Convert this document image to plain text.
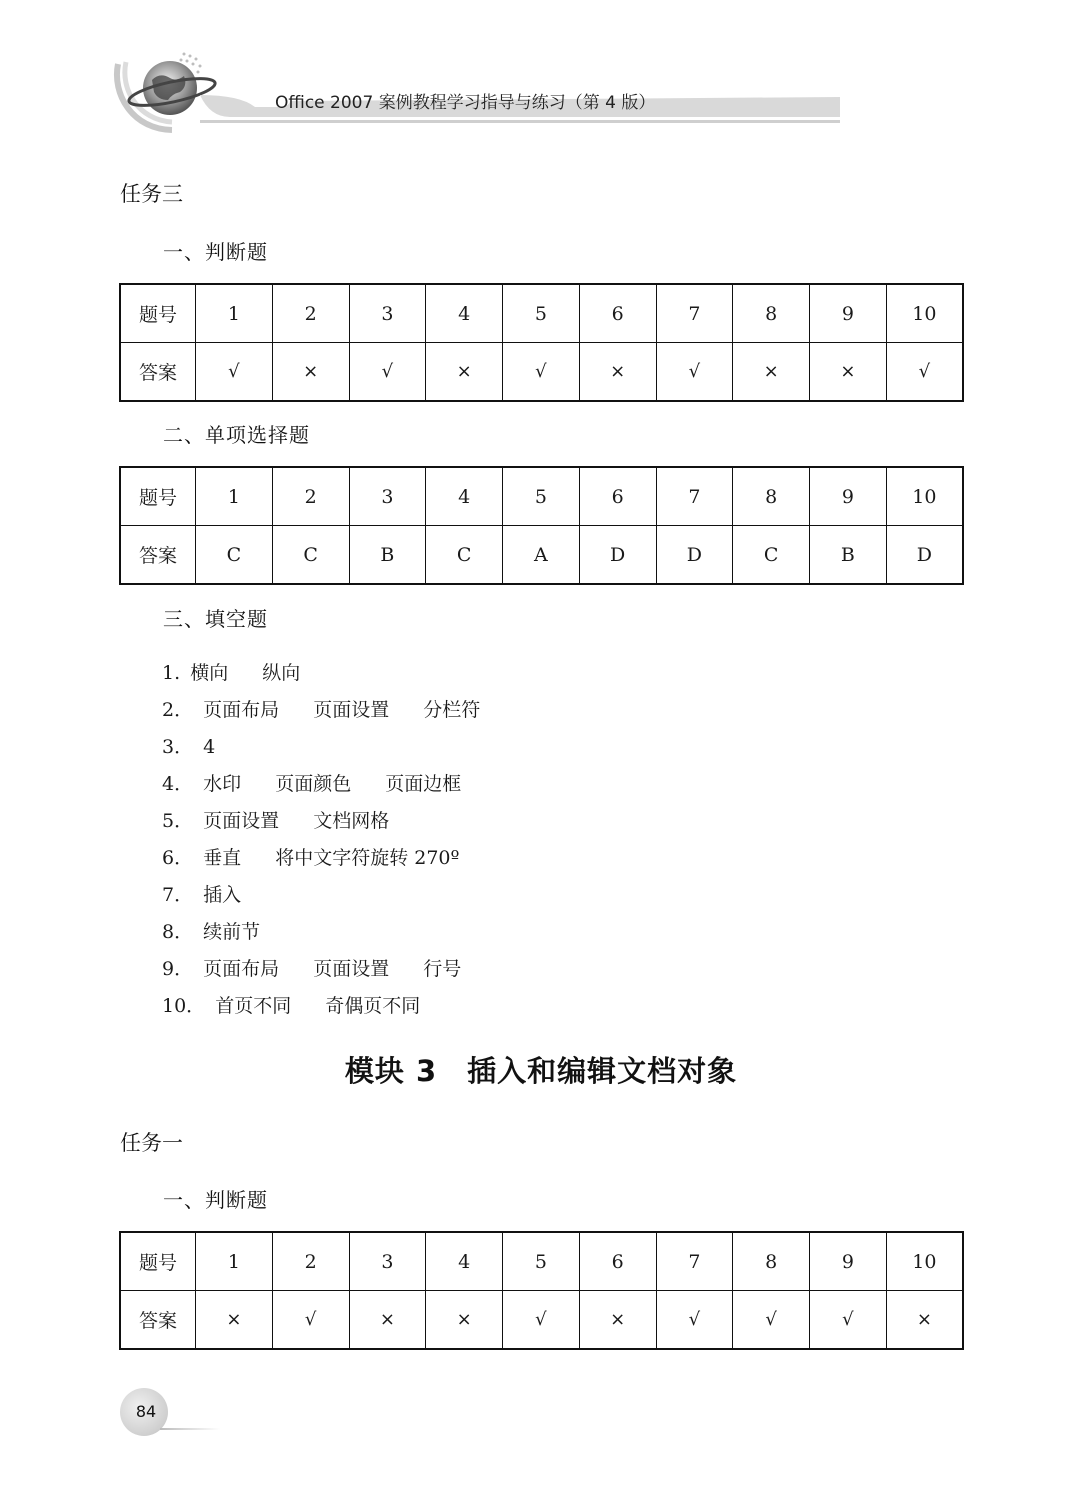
Office 2007 案例教程学习指导与练习（第 4 版）
任务三
一、判断题
题号	1	2	3	4	5	6	7	8	9	10
答案	√	×	√	×	√	×	√	×	×	√
二、单项选择题
题号	1	2	3	4	5	6	7	8	9	10
答案	C	C	B	C	A	D	D	C	B	D
三、填空题
1. 横向 纵向
2． 页面布局 页面设置 分栏符
3． 4
4． 水印 页面颜色 页面边框
5． 页面设置 文档网格
6． 垂直 将中文字符旋转 270º
7． 插入
8． 续前节
9． 页面布局 页面设置 行号
10． 首页不同 奇偶页不同
模块 3　插入和编辑文档对象
任务一
一、判断题
题号	1	2	3	4	5	6	7	8	9	10
答案	×	√	×	×	√	×	√	√	√	×
84
